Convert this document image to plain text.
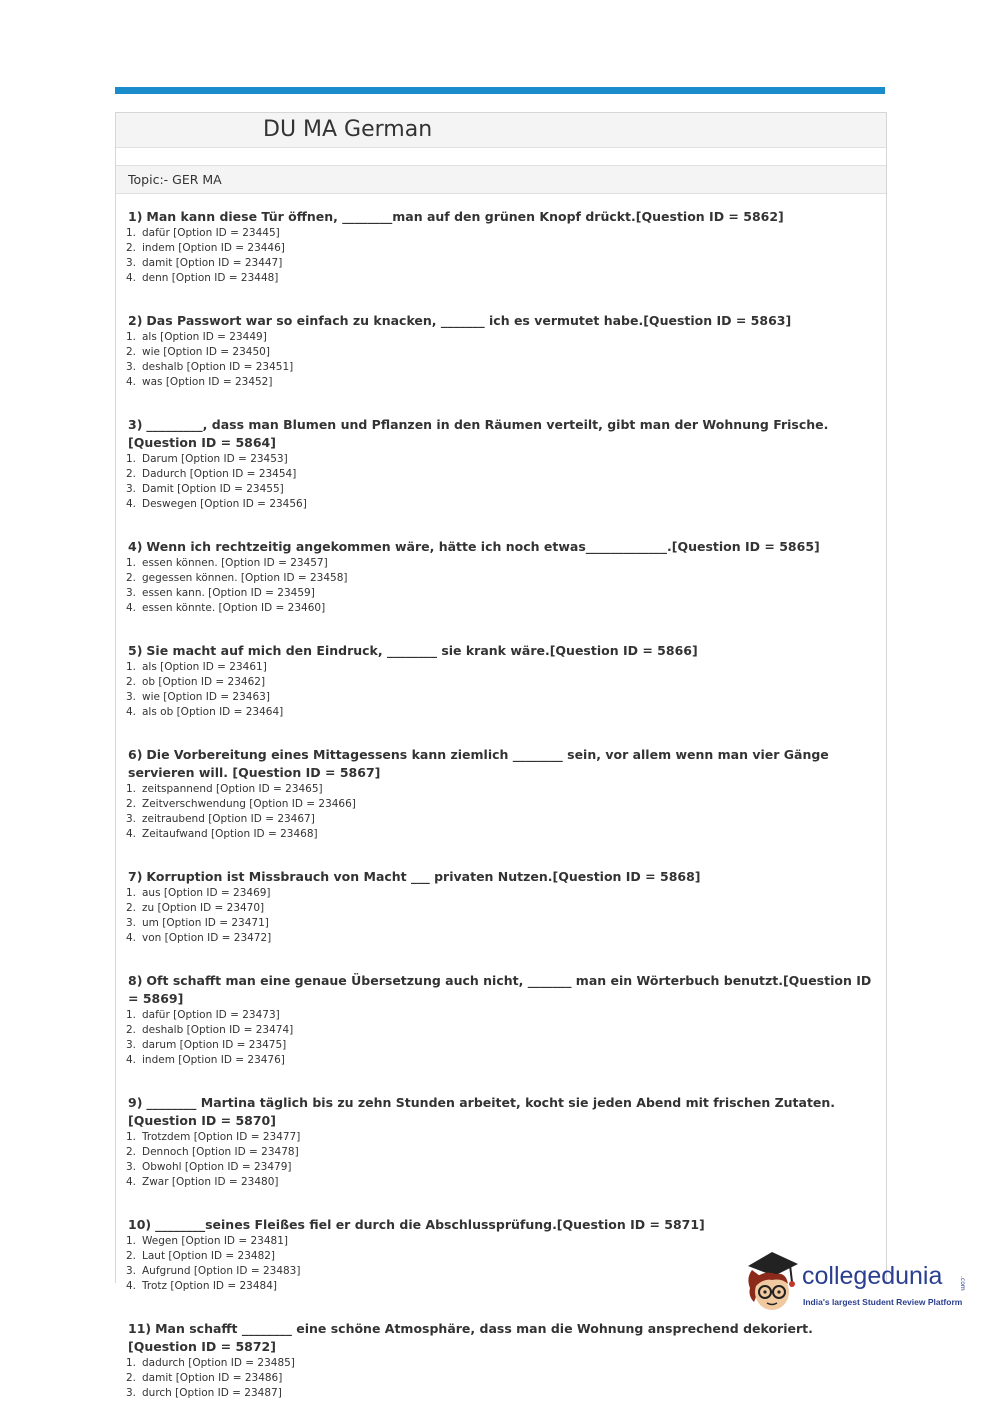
DU MA German
Topic:- GER MA
1) Man kann diese Tür öffnen, ________man auf den grünen Knopf drückt.[Question ID = 5862]
1. dafür [Option ID = 23445]
2. indem [Option ID = 23446]
3. damit [Option ID = 23447]
4. denn [Option ID = 23448]
2) Das Passwort war so einfach zu knacken, _______ ich es vermutet habe.[Question ID = 5863]
1. als [Option ID = 23449]
2. wie [Option ID = 23450]
3. deshalb [Option ID = 23451]
4. was [Option ID = 23452]
3) _________, dass man Blumen und Pflanzen in den Räumen verteilt, gibt man der Wohnung Frische.[Question ID = 5864]
1. Darum [Option ID = 23453]
2. Dadurch [Option ID = 23454]
3. Damit [Option ID = 23455]
4. Deswegen [Option ID = 23456]
4) Wenn ich rechtzeitig angekommen wäre, hätte ich noch etwas_____________.[Question ID = 5865]
1. essen können. [Option ID = 23457]
2. gegessen können. [Option ID = 23458]
3. essen kann. [Option ID = 23459]
4. essen könnte. [Option ID = 23460]
5) Sie macht auf mich den Eindruck, ________ sie krank wäre.[Question ID = 5866]
1. als [Option ID = 23461]
2. ob [Option ID = 23462]
3. wie [Option ID = 23463]
4. als ob [Option ID = 23464]
6) Die Vorbereitung eines Mittagessens kann ziemlich ________ sein, vor allem wenn man vier Gänge servieren will. [Question ID = 5867]
1. zeitspannend [Option ID = 23465]
2. Zeitverschwendung [Option ID = 23466]
3. zeitraubend [Option ID = 23467]
4. Zeitaufwand [Option ID = 23468]
7) Korruption ist Missbrauch von Macht ___ privaten Nutzen.[Question ID = 5868]
1. aus [Option ID = 23469]
2. zu [Option ID = 23470]
3. um [Option ID = 23471]
4. von [Option ID = 23472]
8) Oft schafft man eine genaue Übersetzung auch nicht, _______ man ein Wörterbuch benutzt.[Question ID = 5869]
1. dafür [Option ID = 23473]
2. deshalb [Option ID = 23474]
3. darum [Option ID = 23475]
4. indem [Option ID = 23476]
9) ________ Martina täglich bis zu zehn Stunden arbeitet, kocht sie jeden Abend mit frischen Zutaten.[Question ID = 5870]
1. Trotzdem [Option ID = 23477]
2. Dennoch [Option ID = 23478]
3. Obwohl [Option ID = 23479]
4. Zwar [Option ID = 23480]
10) ________seines Fleißes fiel er durch die Abschlussprüfung.[Question ID = 5871]
1. Wegen [Option ID = 23481]
2. Laut [Option ID = 23482]
3. Aufgrund [Option ID = 23483]
4. Trotz [Option ID = 23484]
11) Man schafft ________ eine schöne Atmosphäre, dass man die Wohnung ansprechend dekoriert.[Question ID = 5872]
1. dadurch [Option ID = 23485]
2. damit [Option ID = 23486]
3. durch [Option ID = 23487]
collegedunia	.com
India's largest Student Review Platform
